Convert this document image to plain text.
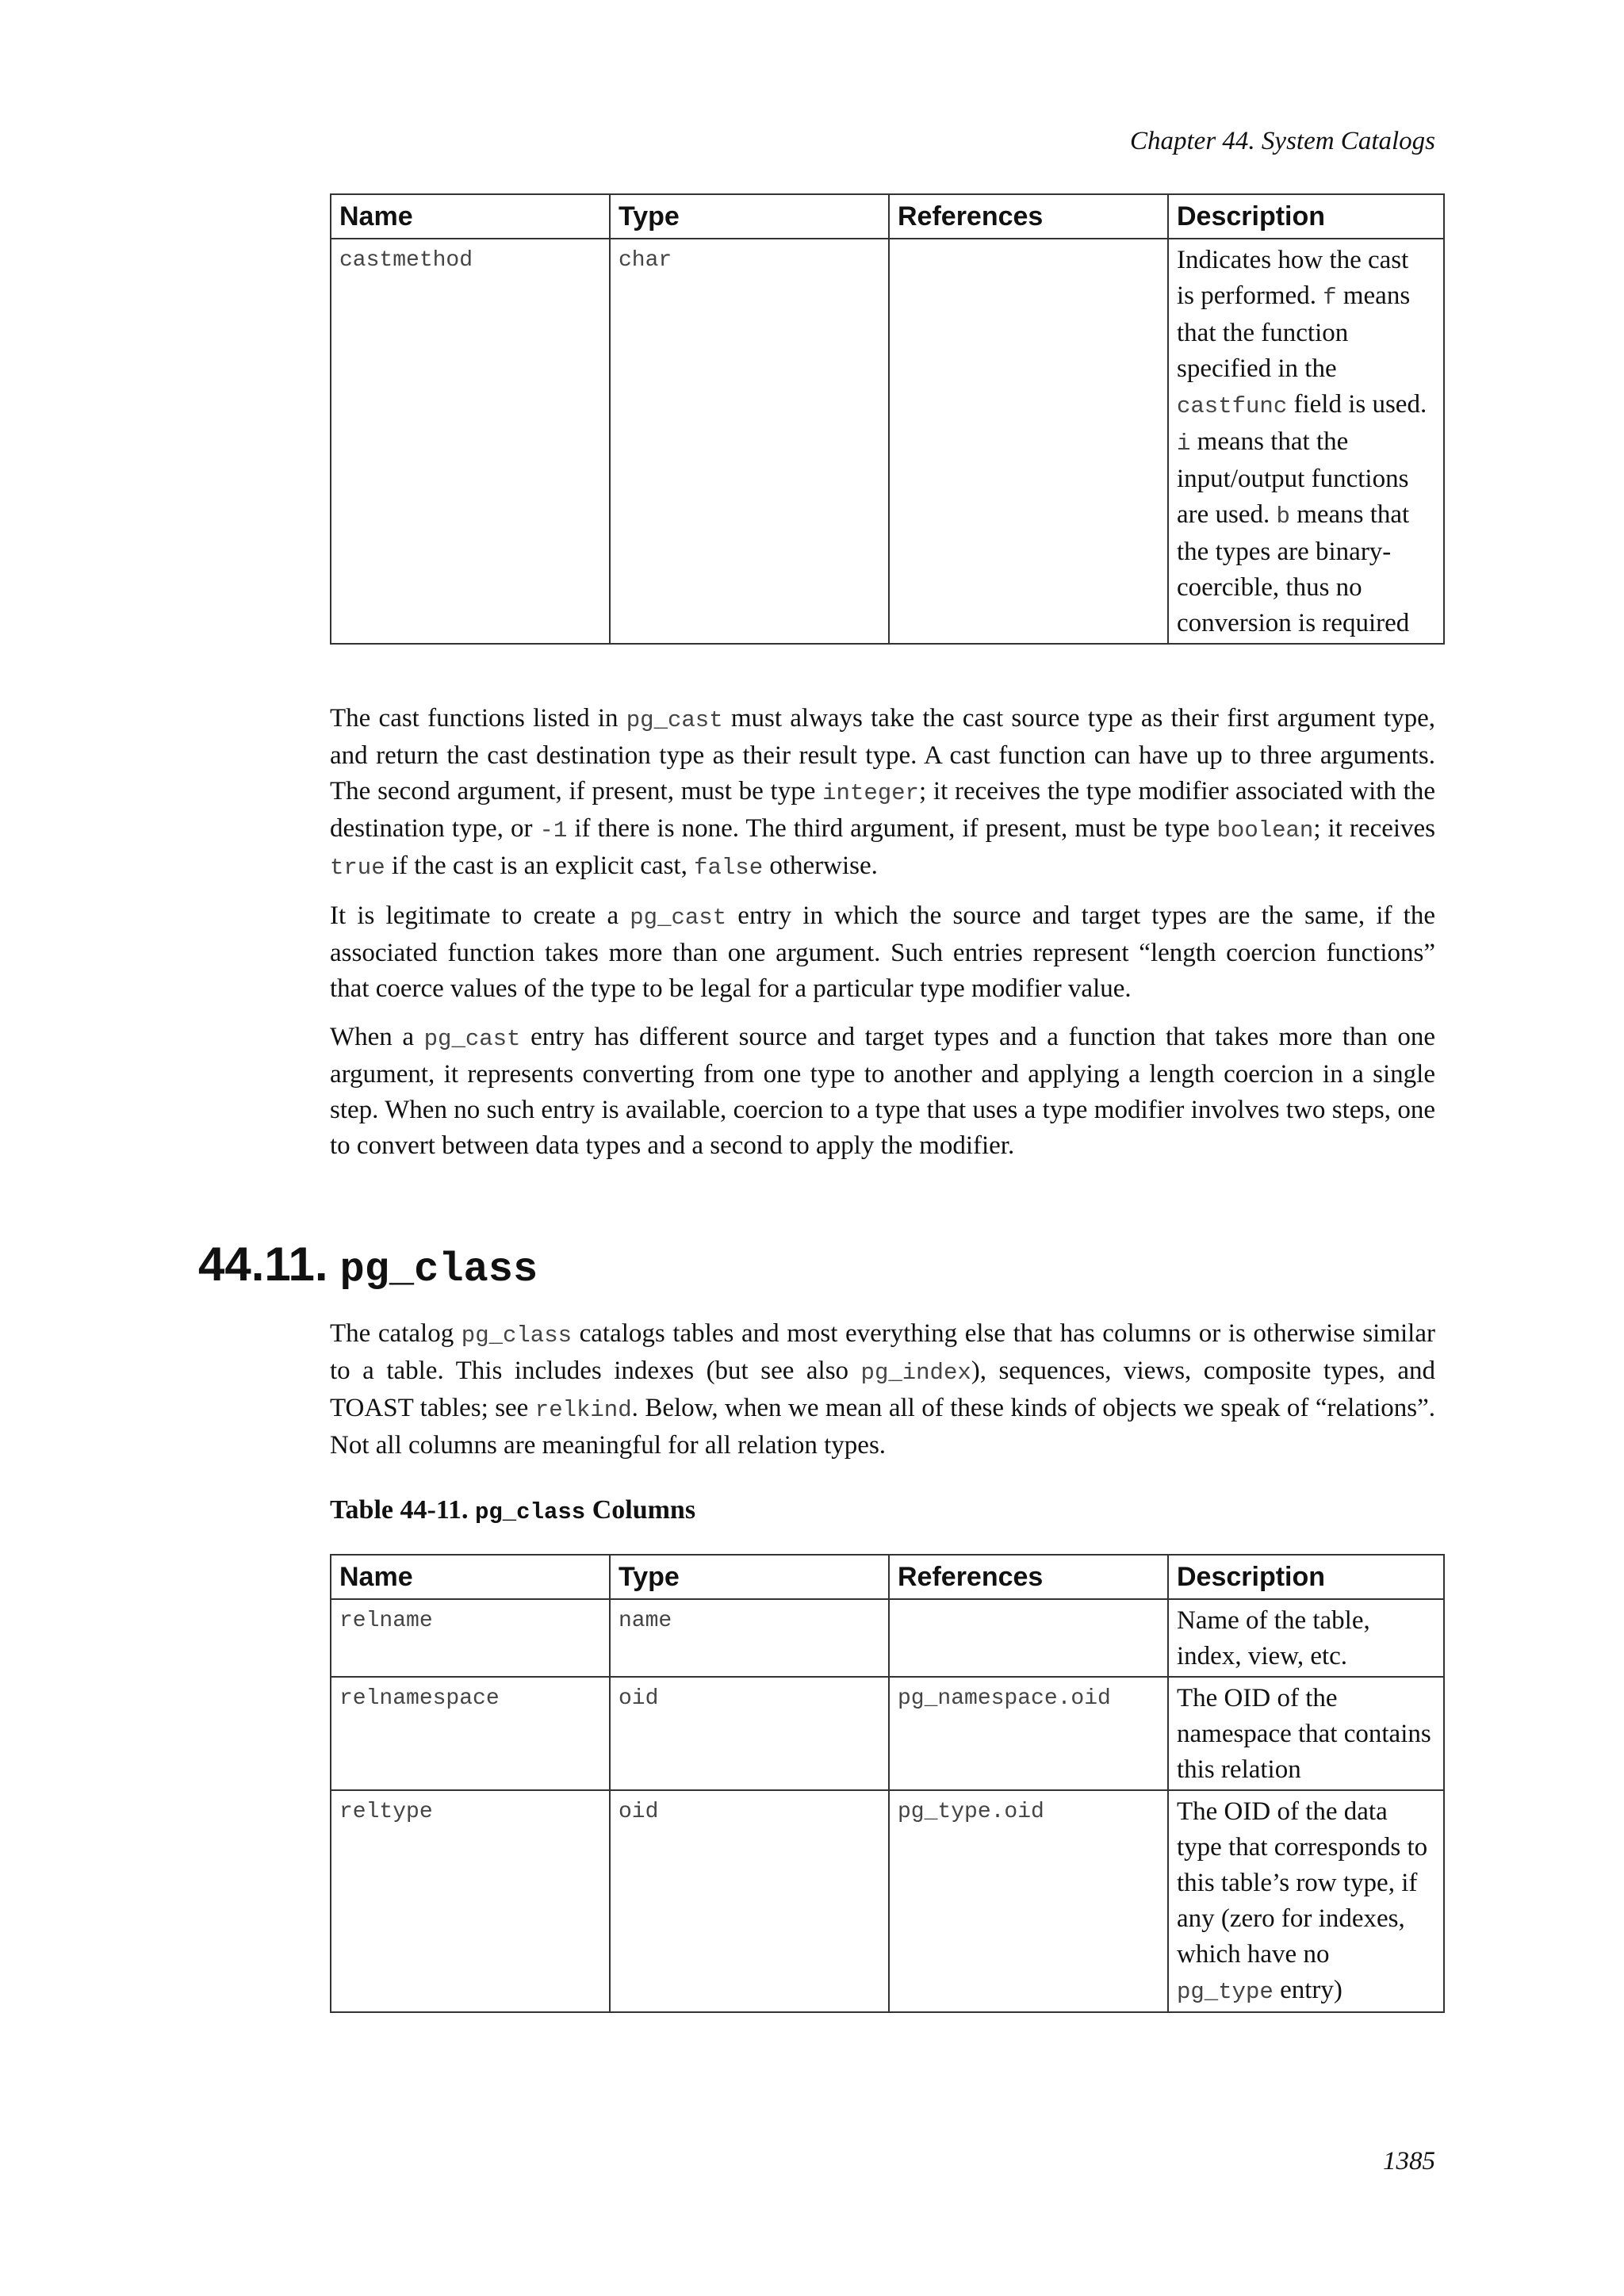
Chapter 44. System Catalogs
Name	Type	References	Description
castmethod	char		Indicates how the cast is performed. f means that the function specified in the castfunc field is used. i means that the input/output functions are used. b means that the types are binary-coercible, thus no conversion is required

The cast functions listed in pg_cast must always take the cast source type as their first argument type, and return the cast destination type as their result type. A cast function can have up to three arguments. The second argument, if present, must be type integer; it receives the type modifier associated with the destination type, or -1 if there is none. The third argument, if present, must be type boolean; it receives true if the cast is an explicit cast, false otherwise.

It is legitimate to create a pg_cast entry in which the source and target types are the same, if the associated function takes more than one argument. Such entries represent “length coercion functions” that coerce values of the type to be legal for a particular type modifier value.

When a pg_cast entry has different source and target types and a function that takes more than one argument, it represents converting from one type to another and applying a length coercion in a single step. When no such entry is available, coercion to a type that uses a type modifier involves two steps, one to convert between data types and a second to apply the modifier.

44.11. pg_class

The catalog pg_class catalogs tables and most everything else that has columns or is otherwise similar to a table. This includes indexes (but see also pg_index), sequences, views, composite types, and TOAST tables; see relkind. Below, when we mean all of these kinds of objects we speak of “relations”. Not all columns are meaningful for all relation types.

Table 44-11. pg_class Columns

Name	Type	References	Description
relname	name		Name of the table, index, view, etc.
relnamespace	oid	pg_namespace.oid	The OID of the namespace that contains this relation
reltype	oid	pg_type.oid	The OID of the data type that corresponds to this table’s row type, if any (zero for indexes, which have no pg_type entry)
1385
